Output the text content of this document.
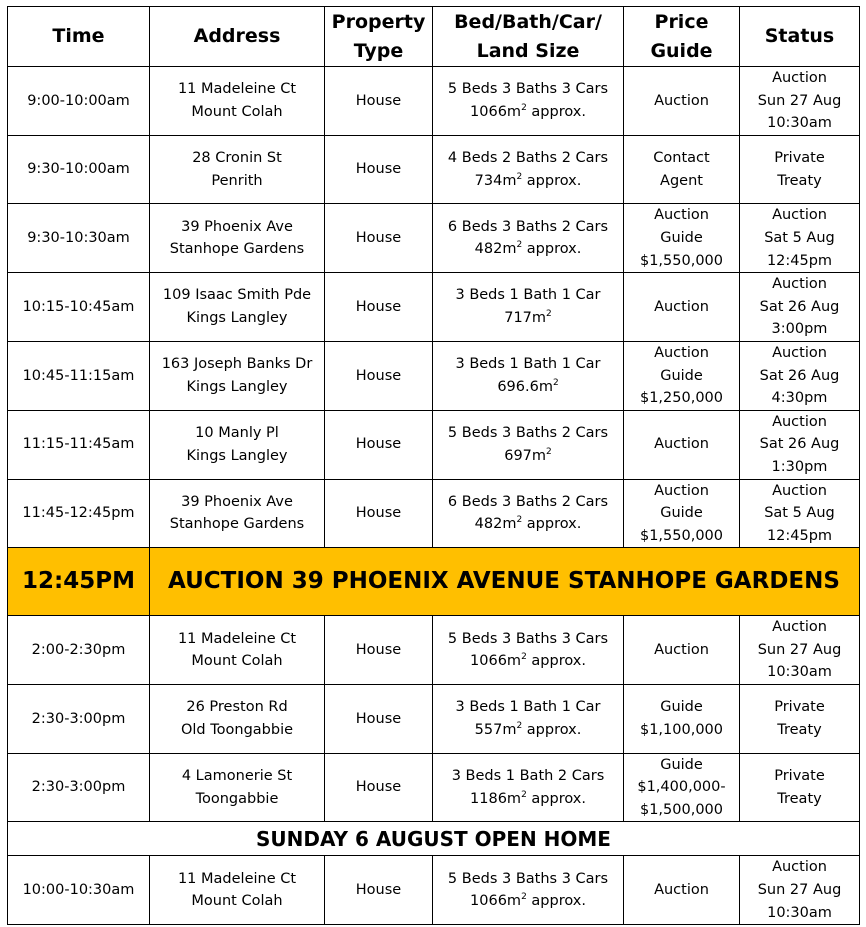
Time	Address	Property Type	Bed/Bath/Car/ Land Size	Price Guide	Status
9:00-10:00am	11 Madeleine Ct
Mount Colah	House	5 Beds 3 Baths 3 Cars
$1066m^2$ approx.	Auction	Auction
Sun 27 Aug
10:30am

9:30-10:00am	28 Cronin St
Penrith	House	4 Beds 2 Baths 2 Cars
$734m^2$ approx.	Contact
Agent	Private
Treaty

9:30-10:30am	39 Phoenix Ave
Stanhope Gardens	House	6 Beds 3 Baths 2 Cars
$482m^2$ approx.	Auction
Guide
$1,550,000	Auction
Sat 5 Aug
12:45pm

10:15-10:45am	109 Isaac Smith Pde
Kings Langley	House	3 Beds 1 Bath 1 Car
$717m^2$	Auction	Auction
Sat 26 Aug
3:00pm

10:45-11:15am	163 Joseph Banks Dr
Kings Langley	House	3 Beds 1 Bath 1 Car
$696.6m^2$	Auction
Guide
$1,250,000	Auction
Sat 26 Aug
4:30pm

11:15-11:45am	10 Manly Pl
Kings Langley	House	5 Beds 3 Baths 2 Cars
$697m^2$	Auction	Auction
Sat 26 Aug
1:30pm

11:45-12:45pm	39 Phoenix Ave
Stanhope Gardens	House	6 Beds 3 Baths 2 Cars
$482m^2$ approx.	Auction
Guide
$1,550,000	Auction
Sat 5 Aug
12:45pm

12:45PM	AUCTION 39 PHOENIX AVENUE STANHOPE GARDENS				
2:00-2:30pm	11 Madeleine Ct
Mount Colah	House	5 Beds 3 Baths 3 Cars
$1066m^2$ approx.	Auction	Auction
Sun 27 Aug
10:30am

2:30-3:00pm	26 Preston Rd
Old Toongabbie	House	3 Beds 1 Bath 1 Car
$557m^2$ approx.	Guide
$1,100,000	Private
Treaty

2:30-3:00pm	4 Lamonerie St
Toongabbie	House	3 Beds 1 Bath 2 Cars
$1186m^2$ approx.	Guide
$1,400,000-
$1,500,000	Private
Treaty

SUNDAY 6 AUGUST OPEN HOME					
10:00-10:30am	11 Madeleine Ct
Mount Colah	House	5 Beds 3 Baths 3 Cars
$1066m^2$ approx.	Auction	Auction
Sun 27 Aug
10:30am
